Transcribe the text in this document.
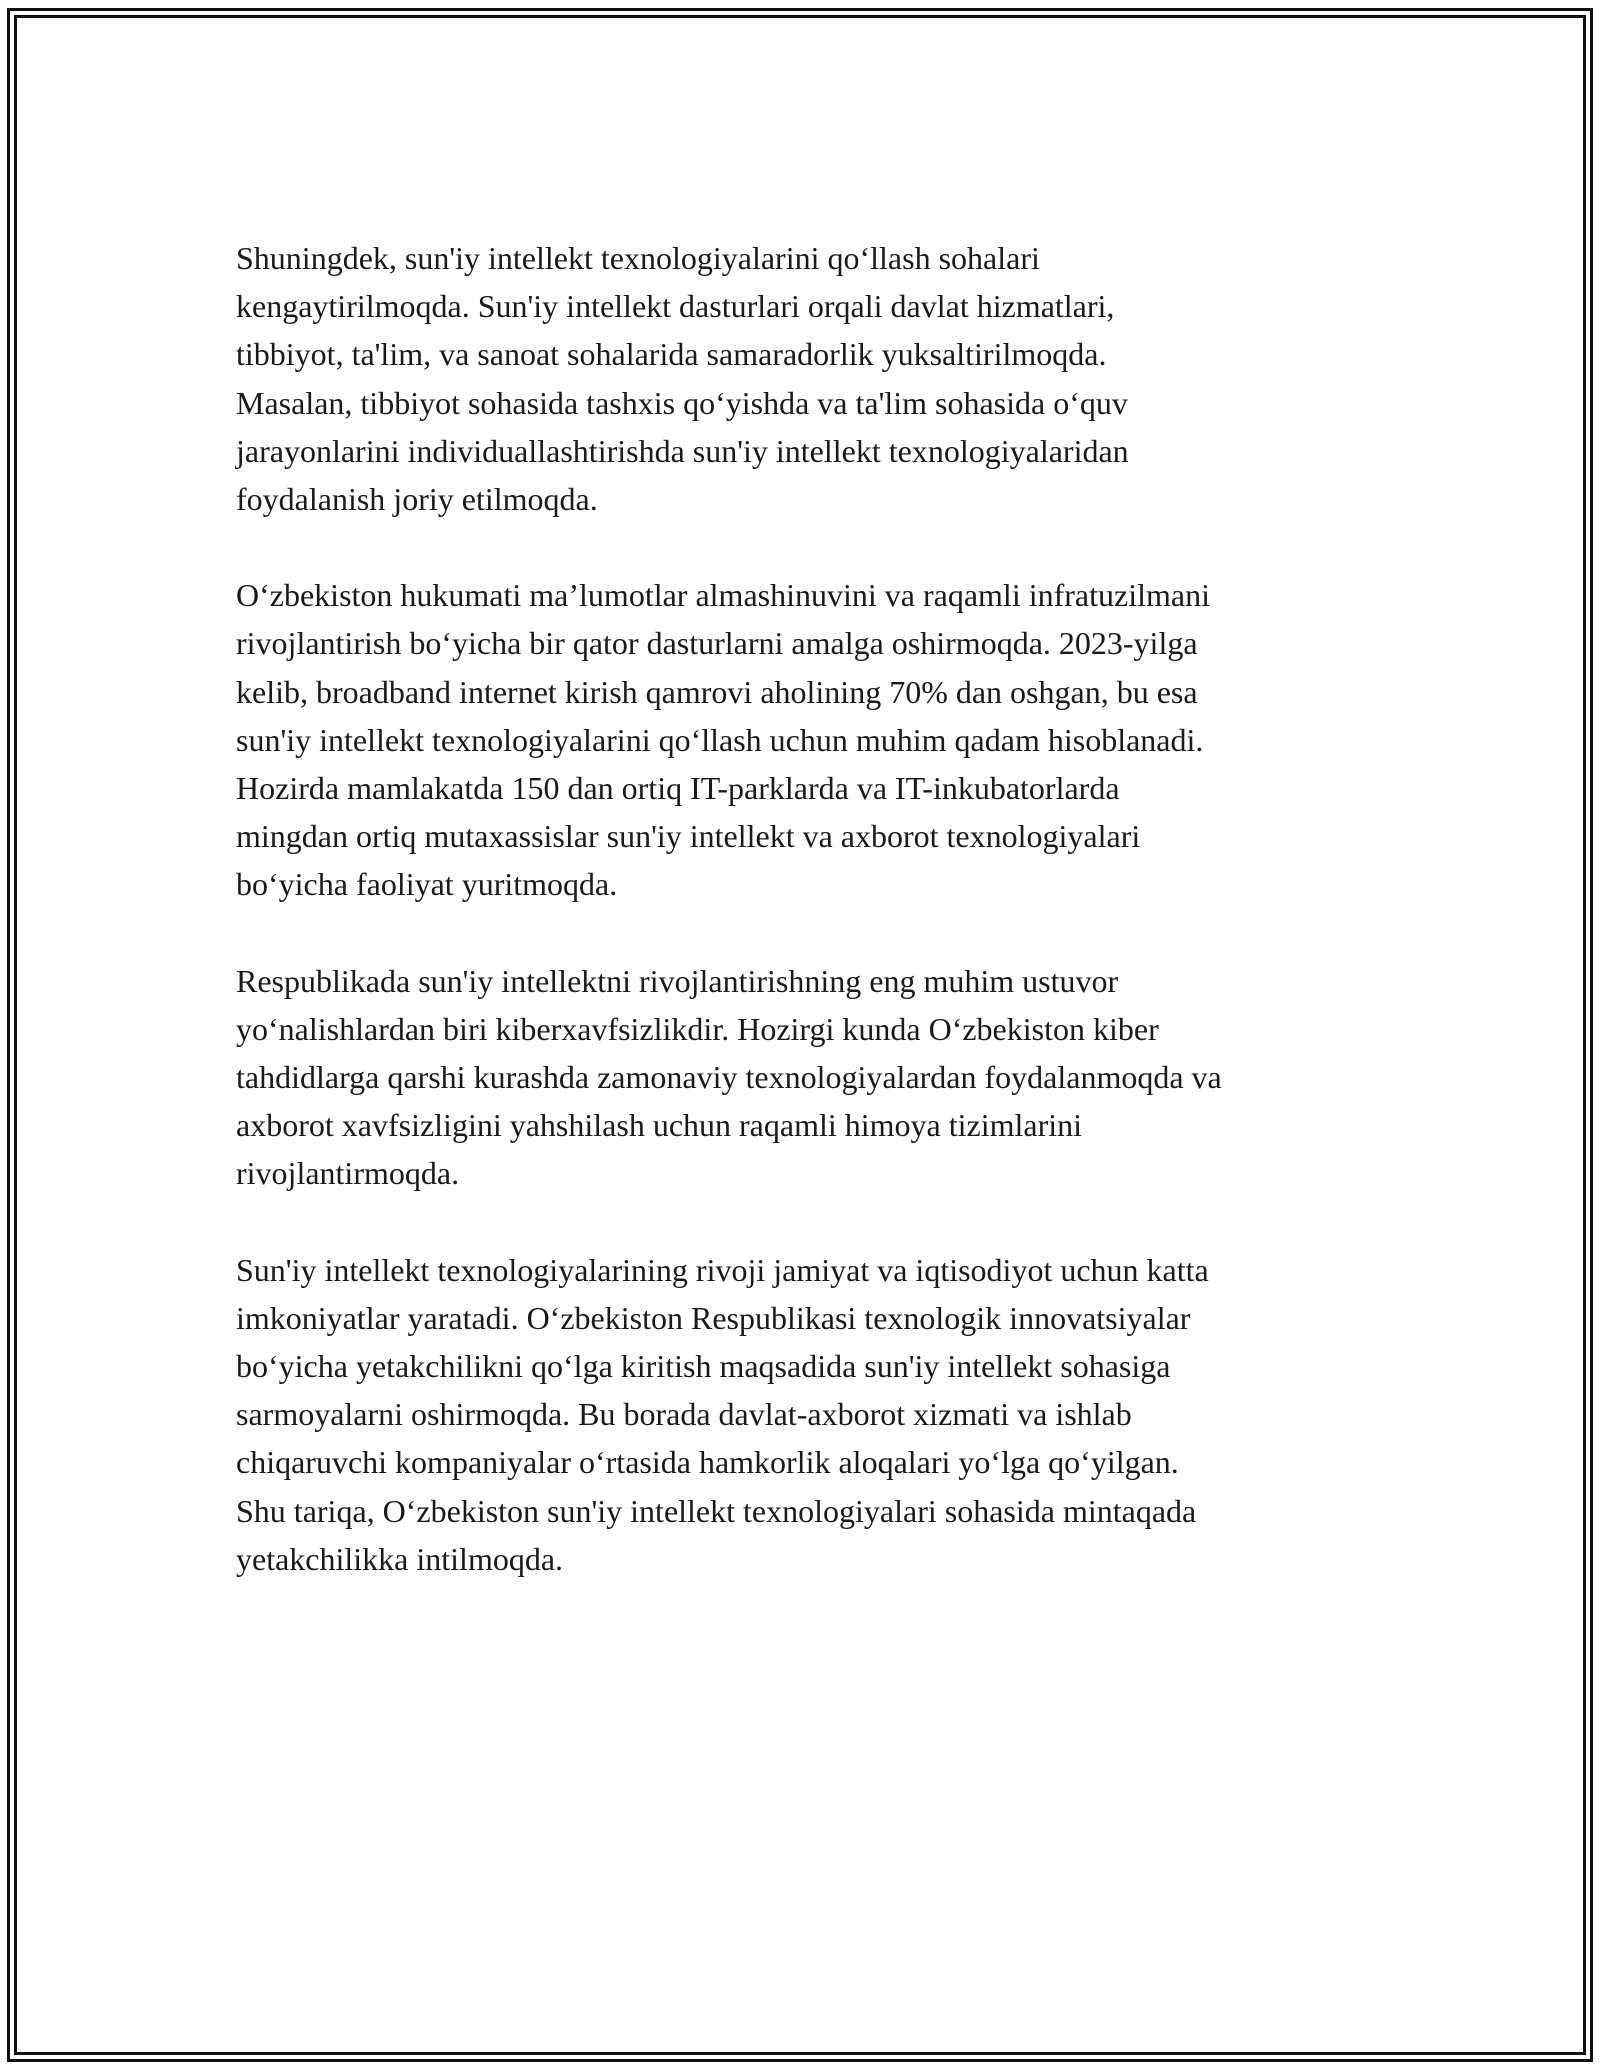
Shuningdek, sun'iy intellekt texnologiyalarini qo‘llash sohalari
kengaytirilmoqda. Sun'iy intellekt dasturlari orqali davlat hizmatlari,
tibbiyot, ta'lim, va sanoat sohalarida samaradorlik yuksaltirilmoqda.
Masalan, tibbiyot sohasida tashxis qo‘yishda va ta'lim sohasida o‘quv
jarayonlarini individuallashtirishda sun'iy intellekt texnologiyalaridan
foydalanish joriy etilmoqda.

O‘zbekiston hukumati ma’lumotlar almashinuvini va raqamli infratuzilmani
rivojlantirish bo‘yicha bir qator dasturlarni amalga oshirmoqda. 2023-yilga
kelib, broadband internet kirish qamrovi aholining 70% dan oshgan, bu esa
sun'iy intellekt texnologiyalarini qo‘llash uchun muhim qadam hisoblanadi.
Hozirda mamlakatda 150 dan ortiq IT-parklarda va IT-inkubatorlarda
mingdan ortiq mutaxassislar sun'iy intellekt va axborot texnologiyalari
bo‘yicha faoliyat yuritmoqda.

Respublikada sun'iy intellektni rivojlantirishning eng muhim ustuvor
yo‘nalishlardan biri kiberxavfsizlikdir. Hozirgi kunda O‘zbekiston kiber
tahdidlarga qarshi kurashda zamonaviy texnologiyalardan foydalanmoqda va
axborot xavfsizligini yahshilash uchun raqamli himoya tizimlarini
rivojlantirmoqda.

Sun'iy intellekt texnologiyalarining rivoji jamiyat va iqtisodiyot uchun katta
imkoniyatlar yaratadi. O‘zbekiston Respublikasi texnologik innovatsiyalar
bo‘yicha yetakchilikni qo‘lga kiritish maqsadida sun'iy intellekt sohasiga
sarmoyalarni oshirmoqda. Bu borada davlat-axborot xizmati va ishlab
chiqaruvchi kompaniyalar o‘rtasida hamkorlik aloqalari yo‘lga qo‘yilgan.
Shu tariqa, O‘zbekiston sun'iy intellekt texnologiyalari sohasida mintaqada
yetakchilikka intilmoqda.
